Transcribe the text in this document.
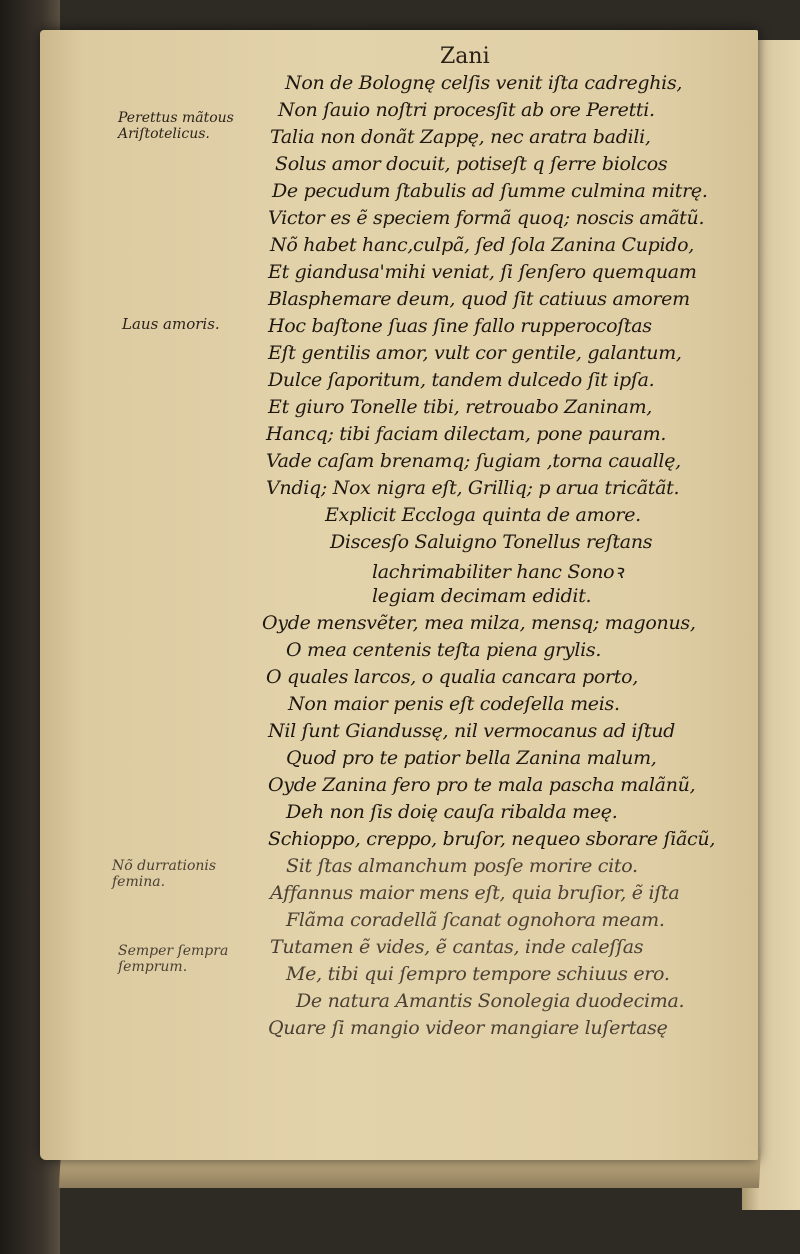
Zani
Perettus mãtous
Ariſtotelicus.
Laus amoris.
Nõ durrationis
femina.
Semper ſempra
ſemprum.
Non de Bolognę celſis venit iſta cadreghis,
Non ſauio noſtri procesſit ab ore Peretti.
Talia non donãt Zappę, nec aratra badili,
Solus amor docuit, potiseſt q ſerre biolcos
De pecudum ſtabulis ad ſumme culmina mitrę.
Victor es ẽ speciem formã quoq; noscis amãtũ.
Nõ habet hanc,culpã, ſed ſola Zanina Cupido,
Et giandusa'mihi veniat, ſi ſenſero quemquam
Blasphemare deum, quod ſit catiuus amorem
Hoc baſtone ſuas ſine fallo rupperocoſtas
Eſt gentilis amor, vult cor gentile, galantum,
Dulce ſaporitum, tandem dulcedo ſit ipſa.
Et giuro Tonelle tibi, retrouabo Zaninam,
Hancq; tibi faciam dilectam, pone pauram.
Vade caſam brenamq; ſugiam ,torna cauallę,
Vndiq; Nox nigra eſt, Grilliq; p arua tricãtãt.
Explicit Eccloga quinta de amore.
Discesſo Saluigno Tonellus reſtans
lachrimabiliter hanc Sonoꝛ
legiam decimam edidit.
Oyde mensvẽter, mea milza, mensq; magonus,
O mea centenis teſta piena grylis.
O quales larcos, o qualia cancara porto,
Non maior penis eſt codeſella meis.
Nil ſunt Giandussę, nil vermocanus ad iſtud
Quod pro te patior bella Zanina malum,
Oyde Zanina fero pro te mala pascha malãnũ,
Deh non ſis doię cauſa ribalda meę.
Schioppo, creppo, bruſor, nequeo sborare ſiãcũ,
Sit ſtas almanchum posſe morire cito.
Affannus maior mens eſt, quia bruſior, ẽ iſta
Flãma coradellã ſcanat ognohora meam.
Tutamen ẽ vides, ẽ cantas, inde caleſſas
Me, tibi qui ſempro tempore schiuus ero.
De natura Amantis Sonolegia duodecima.
Quare ſi mangio videor mangiare luſertasę
